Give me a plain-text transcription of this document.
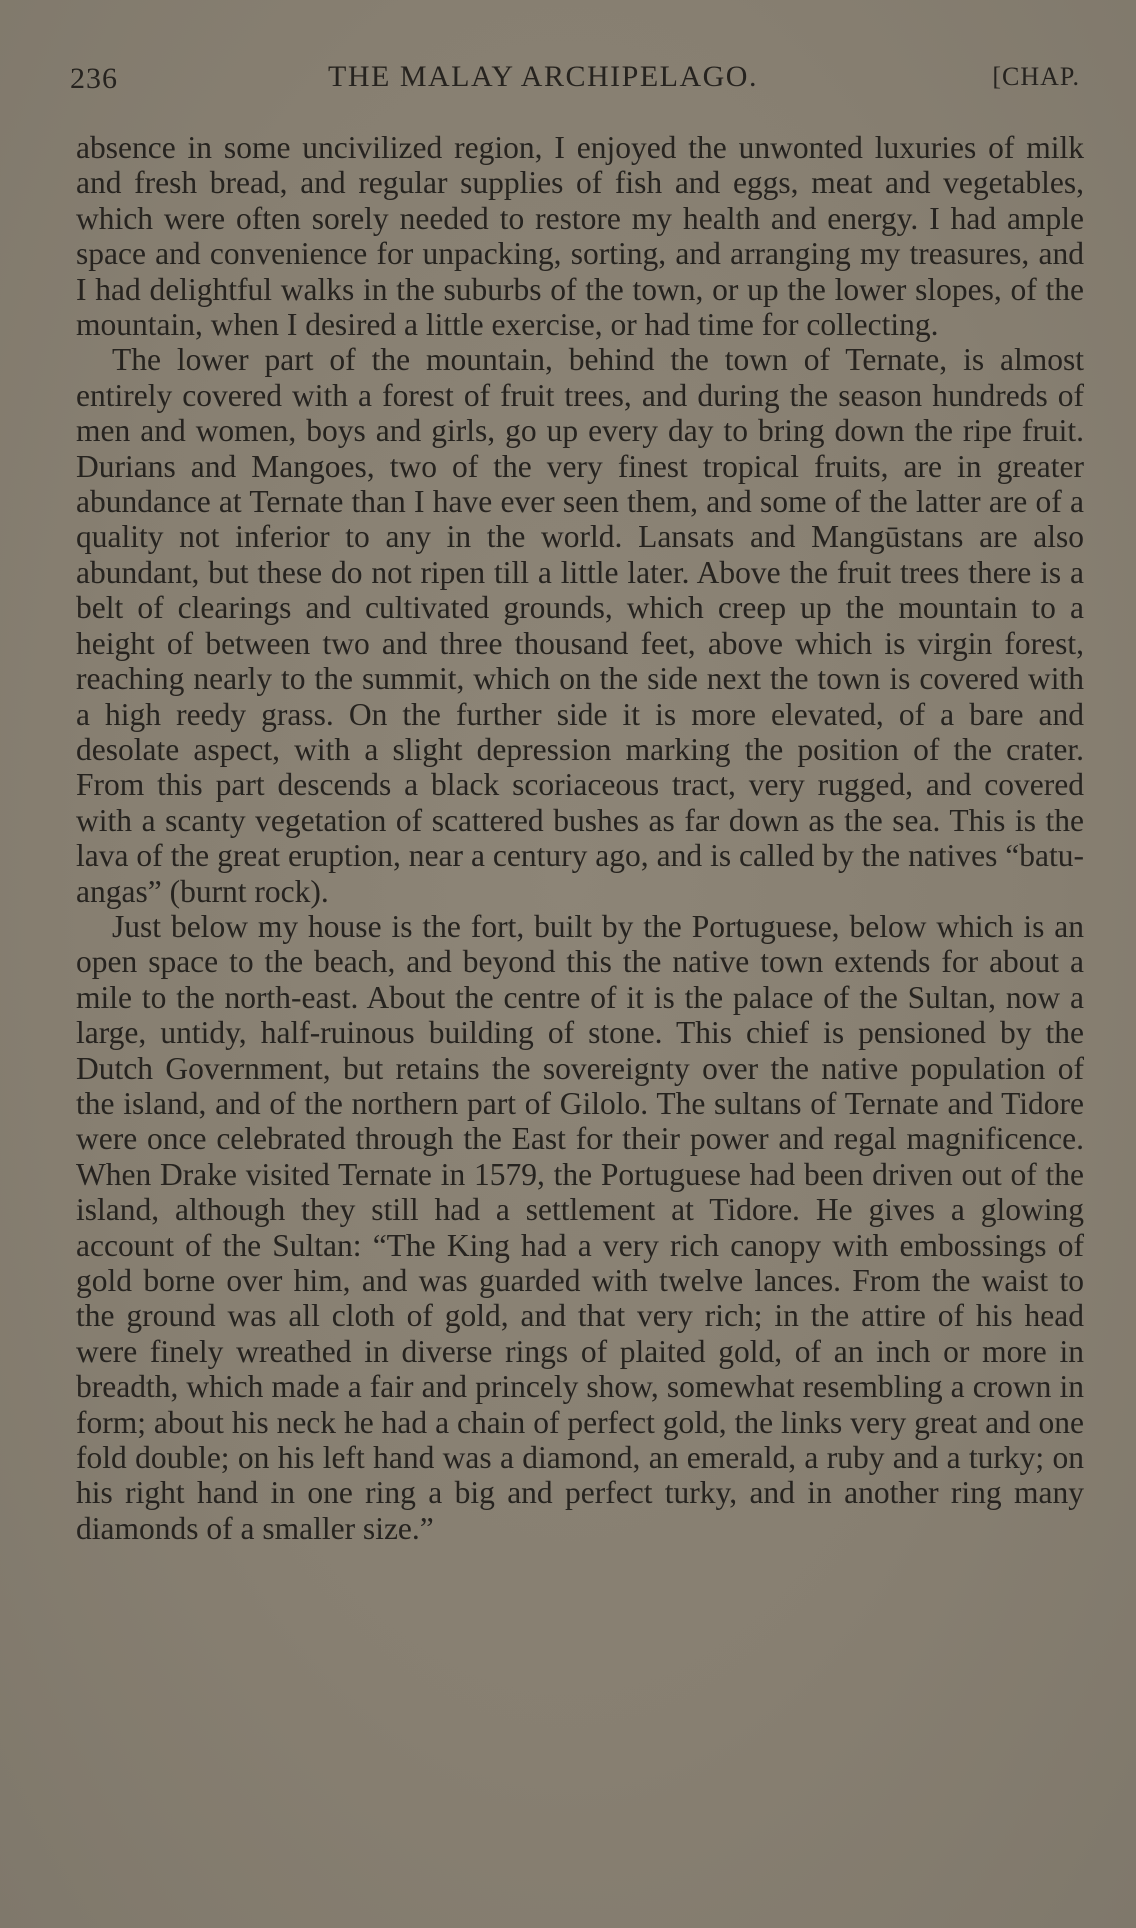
236	THE MALAY ARCHIPELAGO.	[CHAP.

absence in some uncivilized region, I enjoyed the unwonted luxuries of milk and fresh bread, and regular supplies of fish and eggs, meat and vegetables, which were often sorely needed to restore my health and energy. I had ample space and convenience for unpacking, sorting, and arranging my treasures, and I had delightful walks in the suburbs of the town, or up the lower slopes, of the mountain, when I desired a little exercise, or had time for collecting.

The lower part of the mountain, behind the town of Ternate, is almost entirely covered with a forest of fruit trees, and during the season hundreds of men and women, boys and girls, go up every day to bring down the ripe fruit. Durians and Mangoes, two of the very finest tropical fruits, are in greater abundance at Ternate than I have ever seen them, and some of the latter are of a quality not inferior to any in the world. Lansats and Mangūstans are also abundant, but these do not ripen till a little later. Above the fruit trees there is a belt of clearings and cultivated grounds, which creep up the mountain to a height of between two and three thousand feet, above which is virgin forest, reaching nearly to the summit, which on the side next the town is covered with a high reedy grass. On the further side it is more elevated, of a bare and desolate aspect, with a slight depression marking the position of the crater. From this part descends a black scoriaceous tract, very rugged, and covered with a scanty vegetation of scattered bushes as far down as the sea. This is the lava of the great eruption, near a century ago, and is called by the natives “batu-angas” (burnt rock).

Just below my house is the fort, built by the Portuguese, below which is an open space to the beach, and beyond this the native town extends for about a mile to the north-east. About the centre of it is the palace of the Sultan, now a large, untidy, half-ruinous building of stone. This chief is pensioned by the Dutch Government, but retains the sovereignty over the native population of the island, and of the northern part of Gilolo. The sultans of Ternate and Tidore were once celebrated through the East for their power and regal magnificence. When Drake visited Ternate in 1579, the Portuguese had been driven out of the island, although they still had a settlement at Tidore. He gives a glowing account of the Sultan: “The King had a very rich canopy with embossings of gold borne over him, and was guarded with twelve lances. From the waist to the ground was all cloth of gold, and that very rich; in the attire of his head were finely wreathed in diverse rings of plaited gold, of an inch or more in breadth, which made a fair and princely show, somewhat resembling a crown in form; about his neck he had a chain of perfect gold, the links very great and one fold double; on his left hand was a diamond, an emerald, a ruby and a turky; on his right hand in one ring a big and perfect turky, and in another ring many diamonds of a smaller size.”
